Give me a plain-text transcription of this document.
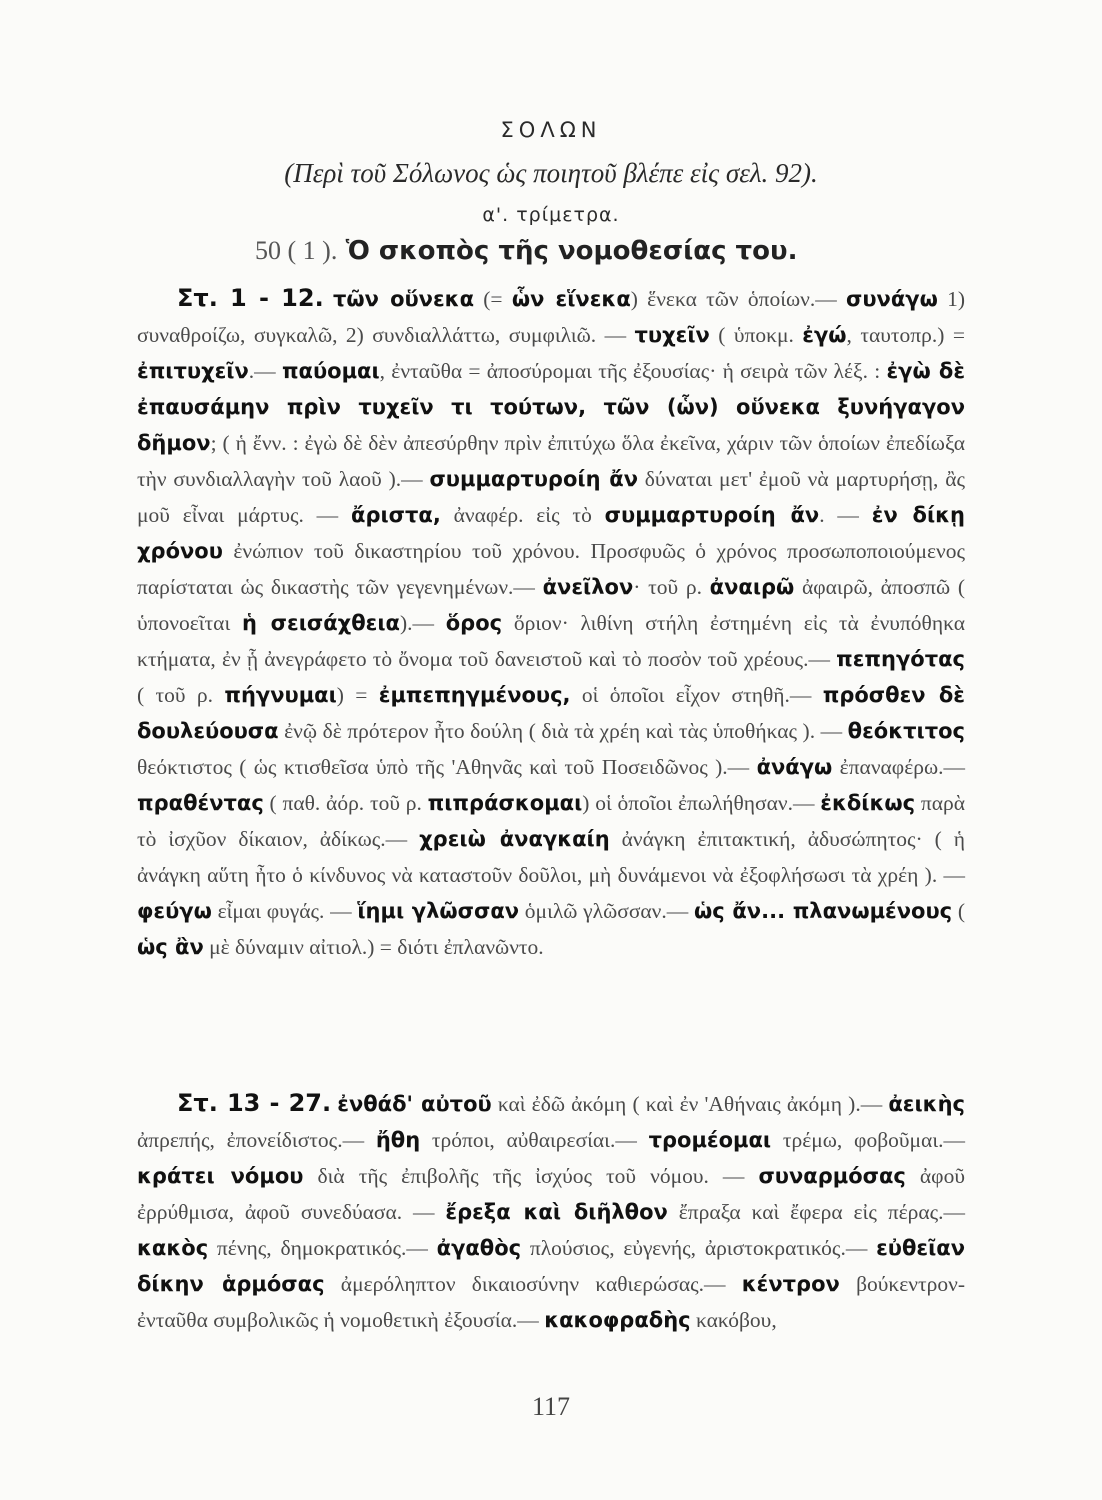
ΣΟΛΩΝ
(Περὶ τοῦ Σόλωνος ὡς ποιητοῦ βλέπε εἰς σελ. 92).
α'. τρίμετρα.
50 ( 1 ). Ὁ σκοπὸς τῆς νομοθεσίας του.
Στ. 1 - 12. τῶν οὕνεκα (= ὧν εἵνεκα) ἕνεκα τῶν ὁποίων.— συνάγω 1) συναθροίζω, συγκαλῶ, 2) συνδιαλλάττω, συμφιλιῶ. — τυχεῖν ( ὑποκμ. ἐγώ, ταυτοπρ.) = ἐπιτυχεῖν.— παύομαι, ἐνταῦθα = ἀποσύρομαι τῆς ἐξουσίας· ἡ σειρὰ τῶν λέξ. : ἐγὼ δὲ ἐπαυσάμην πρὶν τυχεῖν τι τούτων, τῶν (ὧν) οὕνεκα ξυνήγαγον δῆμον; ( ἡ ἔνν. : ἐγὼ δὲ δὲν ἀπεσύρθην πρὶν ἐπιτύχω ὅλα ἐκεῖνα, χάριν τῶν ὁποίων ἐπεδίωξα τὴν συνδιαλλαγὴν τοῦ λαοῦ ).— συμμαρτυροίη ἄν δύναται μετ' ἐμοῦ νὰ μαρτυρήσῃ, ἂς μοῦ εἶναι μάρτυς. — ἄριστα, ἀναφέρ. εἰς τὸ συμμαρτυροίη ἄν. — ἐν δίκῃ χρόνου ἐνώπιον τοῦ δικαστηρίου τοῦ χρόνου. Προσφυῶς ὁ χρόνος προσωποποιούμενος παρίσταται ὡς δικαστὴς τῶν γεγενημένων.— ἀνεῖλον· τοῦ ρ. ἀναιρῶ ἀφαιρῶ, ἀποσπῶ ( ὑπονοεῖται ἡ σεισάχθεια).— ὅρος ὅριον· λιθίνη στήλη ἐστημένη εἰς τὰ ἐνυπόθηκα κτήματα, ἐν ᾗ ἀνεγράφετο τὸ ὄνομα τοῦ δανειστοῦ καὶ τὸ ποσὸν τοῦ χρέους.— πεπηγότας ( τοῦ ρ. πήγνυμαι) = ἐμπεπηγμένους, οἱ ὁποῖοι εἶχον στηθῆ.— πρόσθεν δὲ δουλεύουσα ἐνῷ δὲ πρότερον ἦτο δούλη ( διὰ τὰ χρέη καὶ τὰς ὑποθήκας ). — θεόκτιτος θεόκτιστος ( ὡς κτισθεῖσα ὑπὸ τῆς 'Αθηνᾶς καὶ τοῦ Ποσειδῶνος ).— ἀνάγω ἐπαναφέρω.— πραθέντας ( παθ. ἀόρ. τοῦ ρ. πιπράσκομαι) οἱ ὁποῖοι ἐπωλήθησαν.— ἐκδίκως παρὰ τὸ ἰσχῦον δίκαιον, ἀδίκως.— χρειὼ ἀναγκαίη ἀνάγκη ἐπιτακτική, ἀδυσώπητος· ( ἡ ἀνάγκη αὕτη ἦτο ὁ κίνδυνος νὰ καταστοῦν δοῦλοι, μὴ δυνάμενοι νὰ ἐξοφλήσωσι τὰ χρέη ). — φεύγω εἶμαι φυγάς. — ἵημι γλῶσσαν ὁμιλῶ γλῶσσαν.— ὡς ἄν... πλανωμένους ( ὡς ἂν μὲ δύναμιν αἰτιολ.) = διότι ἐπλανῶντο.
Στ. 13 - 27. ἐνθάδ' αὐτοῦ καὶ ἐδῶ ἀκόμη ( καὶ ἐν 'Αθήναις ἀκόμη ).— ἀεικὴς ἀπρεπής, ἐπονείδιστος.— ἤθη τρόποι, αὐθαιρεσίαι.— τρομέομαι τρέμω, φοβοῦμαι.— κράτει νόμου διὰ τῆς ἐπιβολῆς τῆς ἰσχύος τοῦ νόμου. — συναρμόσας ἀφοῦ ἐρρύθμισα, ἀφοῦ συνεδύασα. — ἔρεξα καὶ διῆλθον ἔπραξα καὶ ἔφερα εἰς πέρας.— κακὸς πένης, δημοκρατικός.— ἀγαθὸς πλούσιος, εὐγενής, ἀριστοκρατικός.— εὐθεῖαν δίκην ἁρμόσας ἀμερόληπτον δικαιοσύνην καθιερώσας.— κέντρον βούκεντρον- ἐνταῦθα συμβολικῶς ἡ νομοθετικὴ ἐξουσία.— κακοφραδὴς κακόβου,
117
